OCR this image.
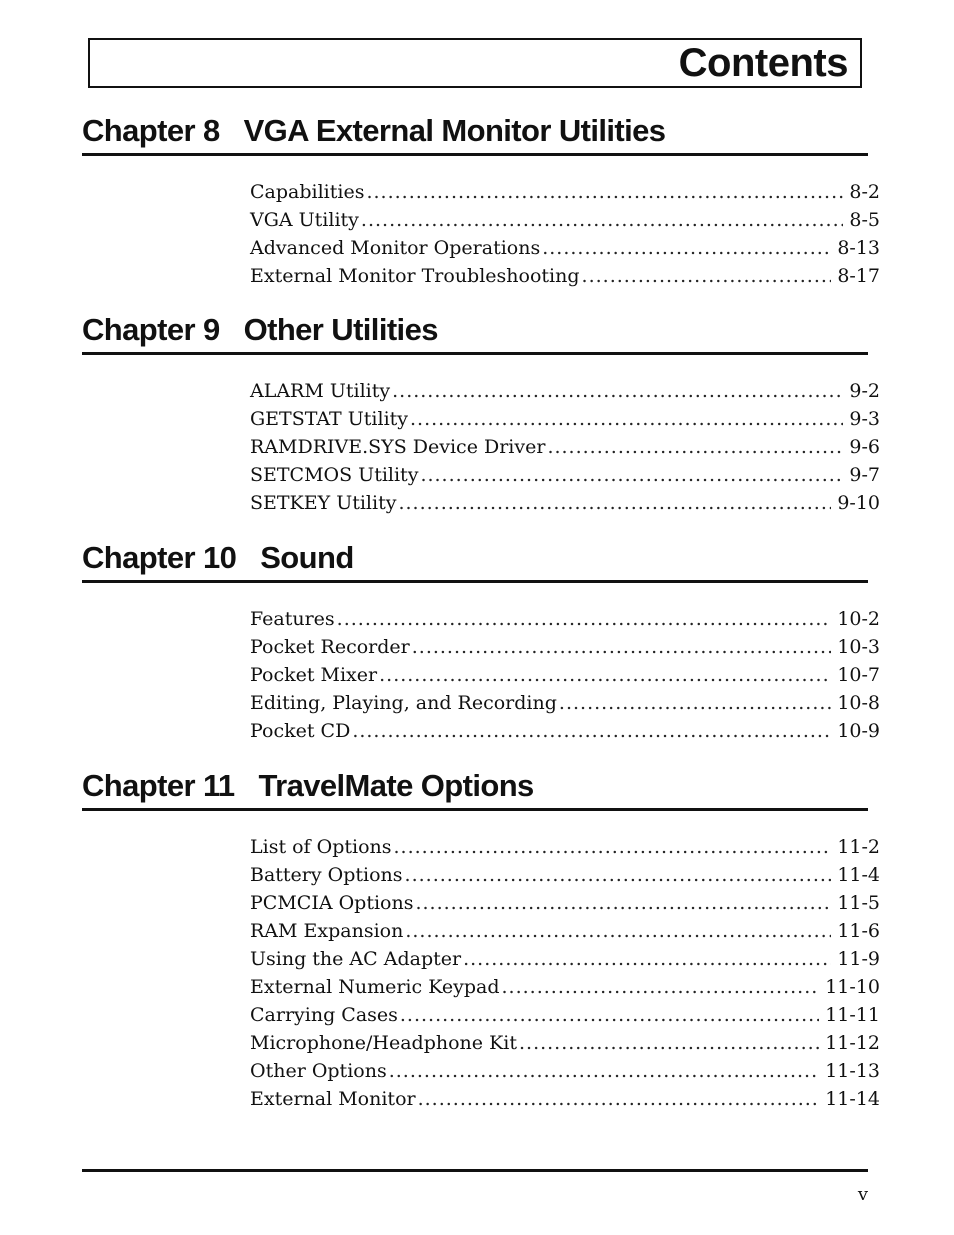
Contents
Chapter 8 VGA External Monitor Utilities
Capabilities .....	8-2
VGA Utility .....	8-5
Advanced Monitor Operations .....	8-13
External Monitor Troubleshooting .....	8-17
Chapter 9 Other Utilities
ALARM Utility .....	9-2
GETSTAT Utility .....	9-3
RAMDRIVE.SYS Device Driver .....	9-6
SETCMOS Utility .....	9-7
SETKEY Utility .....	9-10
Chapter 10 Sound
Features .....	10-2
Pocket Recorder .....	10-3
Pocket Mixer .....	10-7
Editing, Playing, and Recording .....	10-8
Pocket CD .....	10-9
Chapter 11 TravelMate Options
List of Options .....	11-2
Battery Options .....	11-4
PCMCIA Options .....	11-5
RAM Expansion .....	11-6
Using the AC Adapter .....	11-9
External Numeric Keypad .....	11-10
Carrying Cases .....	11-11
Microphone/Headphone Kit .....	11-12
Other Options .....	11-13
External Monitor .....	11-14
v
